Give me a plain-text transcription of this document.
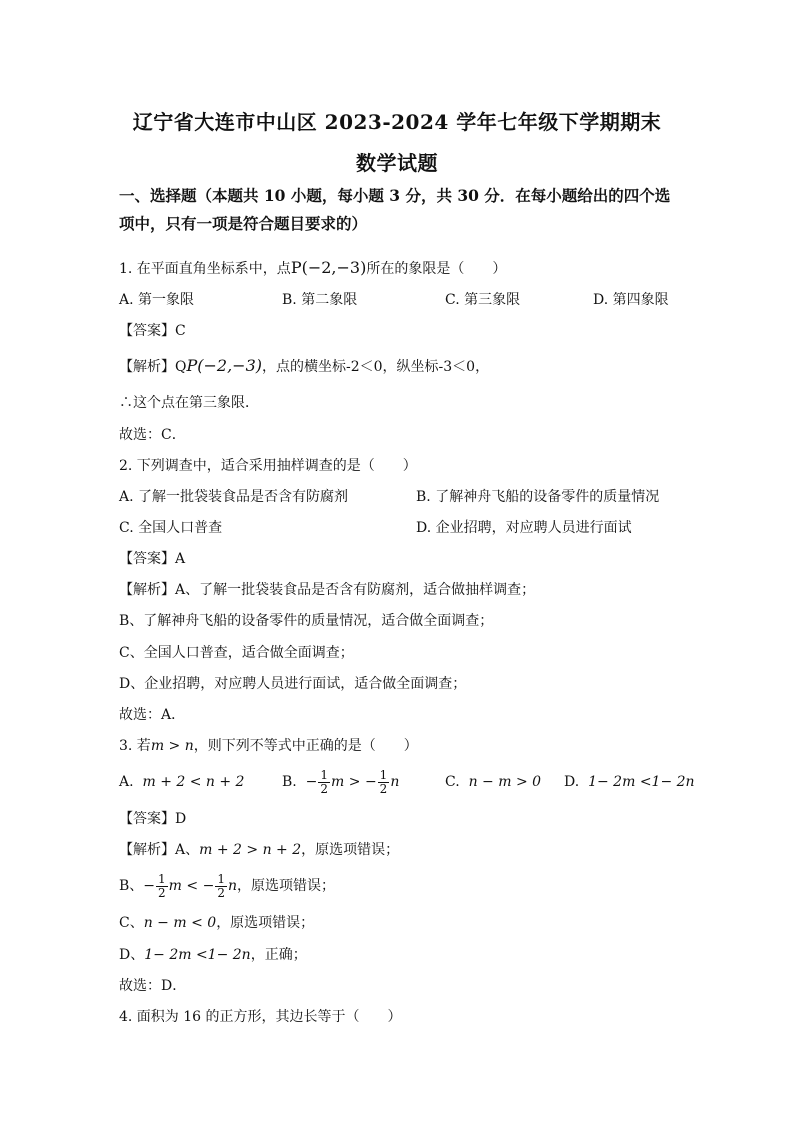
辽宁省大连市中山区 2023-2024 学年七年级下学期期末
数学试题
一、选择题（本题共 10 小题，每小题 3 分，共 30 分．在每小题给出的四个选
项中，只有一项是符合题目要求的）
1. 在平面直角坐标系中，点P(−2,−3)所在的象限是（　　）
A. 第一象限	B. 第二象限	C. 第三象限	D. 第四象限
【答案】C
【解析】QP(−2,−3)，点的横坐标-2＜0，纵坐标-3＜0，
∴这个点在第三象限．
故选：C．
2. 下列调查中，适合采用抽样调查的是（　　）
A. 了解一批袋装食品是否含有防腐剂	B. 了解神舟飞船的设备零件的质量情况
C. 全国人口普查	D. 企业招聘，对应聘人员进行面试
【答案】A
【解析】A、了解一批袋装食品是否含有防腐剂，适合做抽样调查；
B、了解神舟飞船的设备零件的质量情况，适合做全面调查；
C、全国人口普查，适合做全面调查；
D、企业招聘，对应聘人员进行面试，适合做全面调查；
故选：A．
3. 若m > n，则下列不等式中正确的是（　　）
A. m + 2 < n + 2	B. − $\frac{1}{2}$ m > − $\frac{1}{2}$ n	C. n − m > 0 D. 1− 2m <1− 2n
【答案】D
【解析】A、m + 2 > n + 2，原选项错误；
B、− $\frac{1}{2}$ m < − $\frac{1}{2}$ n，原选项错误；
C、n − m < 0，原选项错误；
D、1− 2m <1− 2n，正确；
故选：D．
4. 面积为 16 的正方形，其边长等于（　　）
